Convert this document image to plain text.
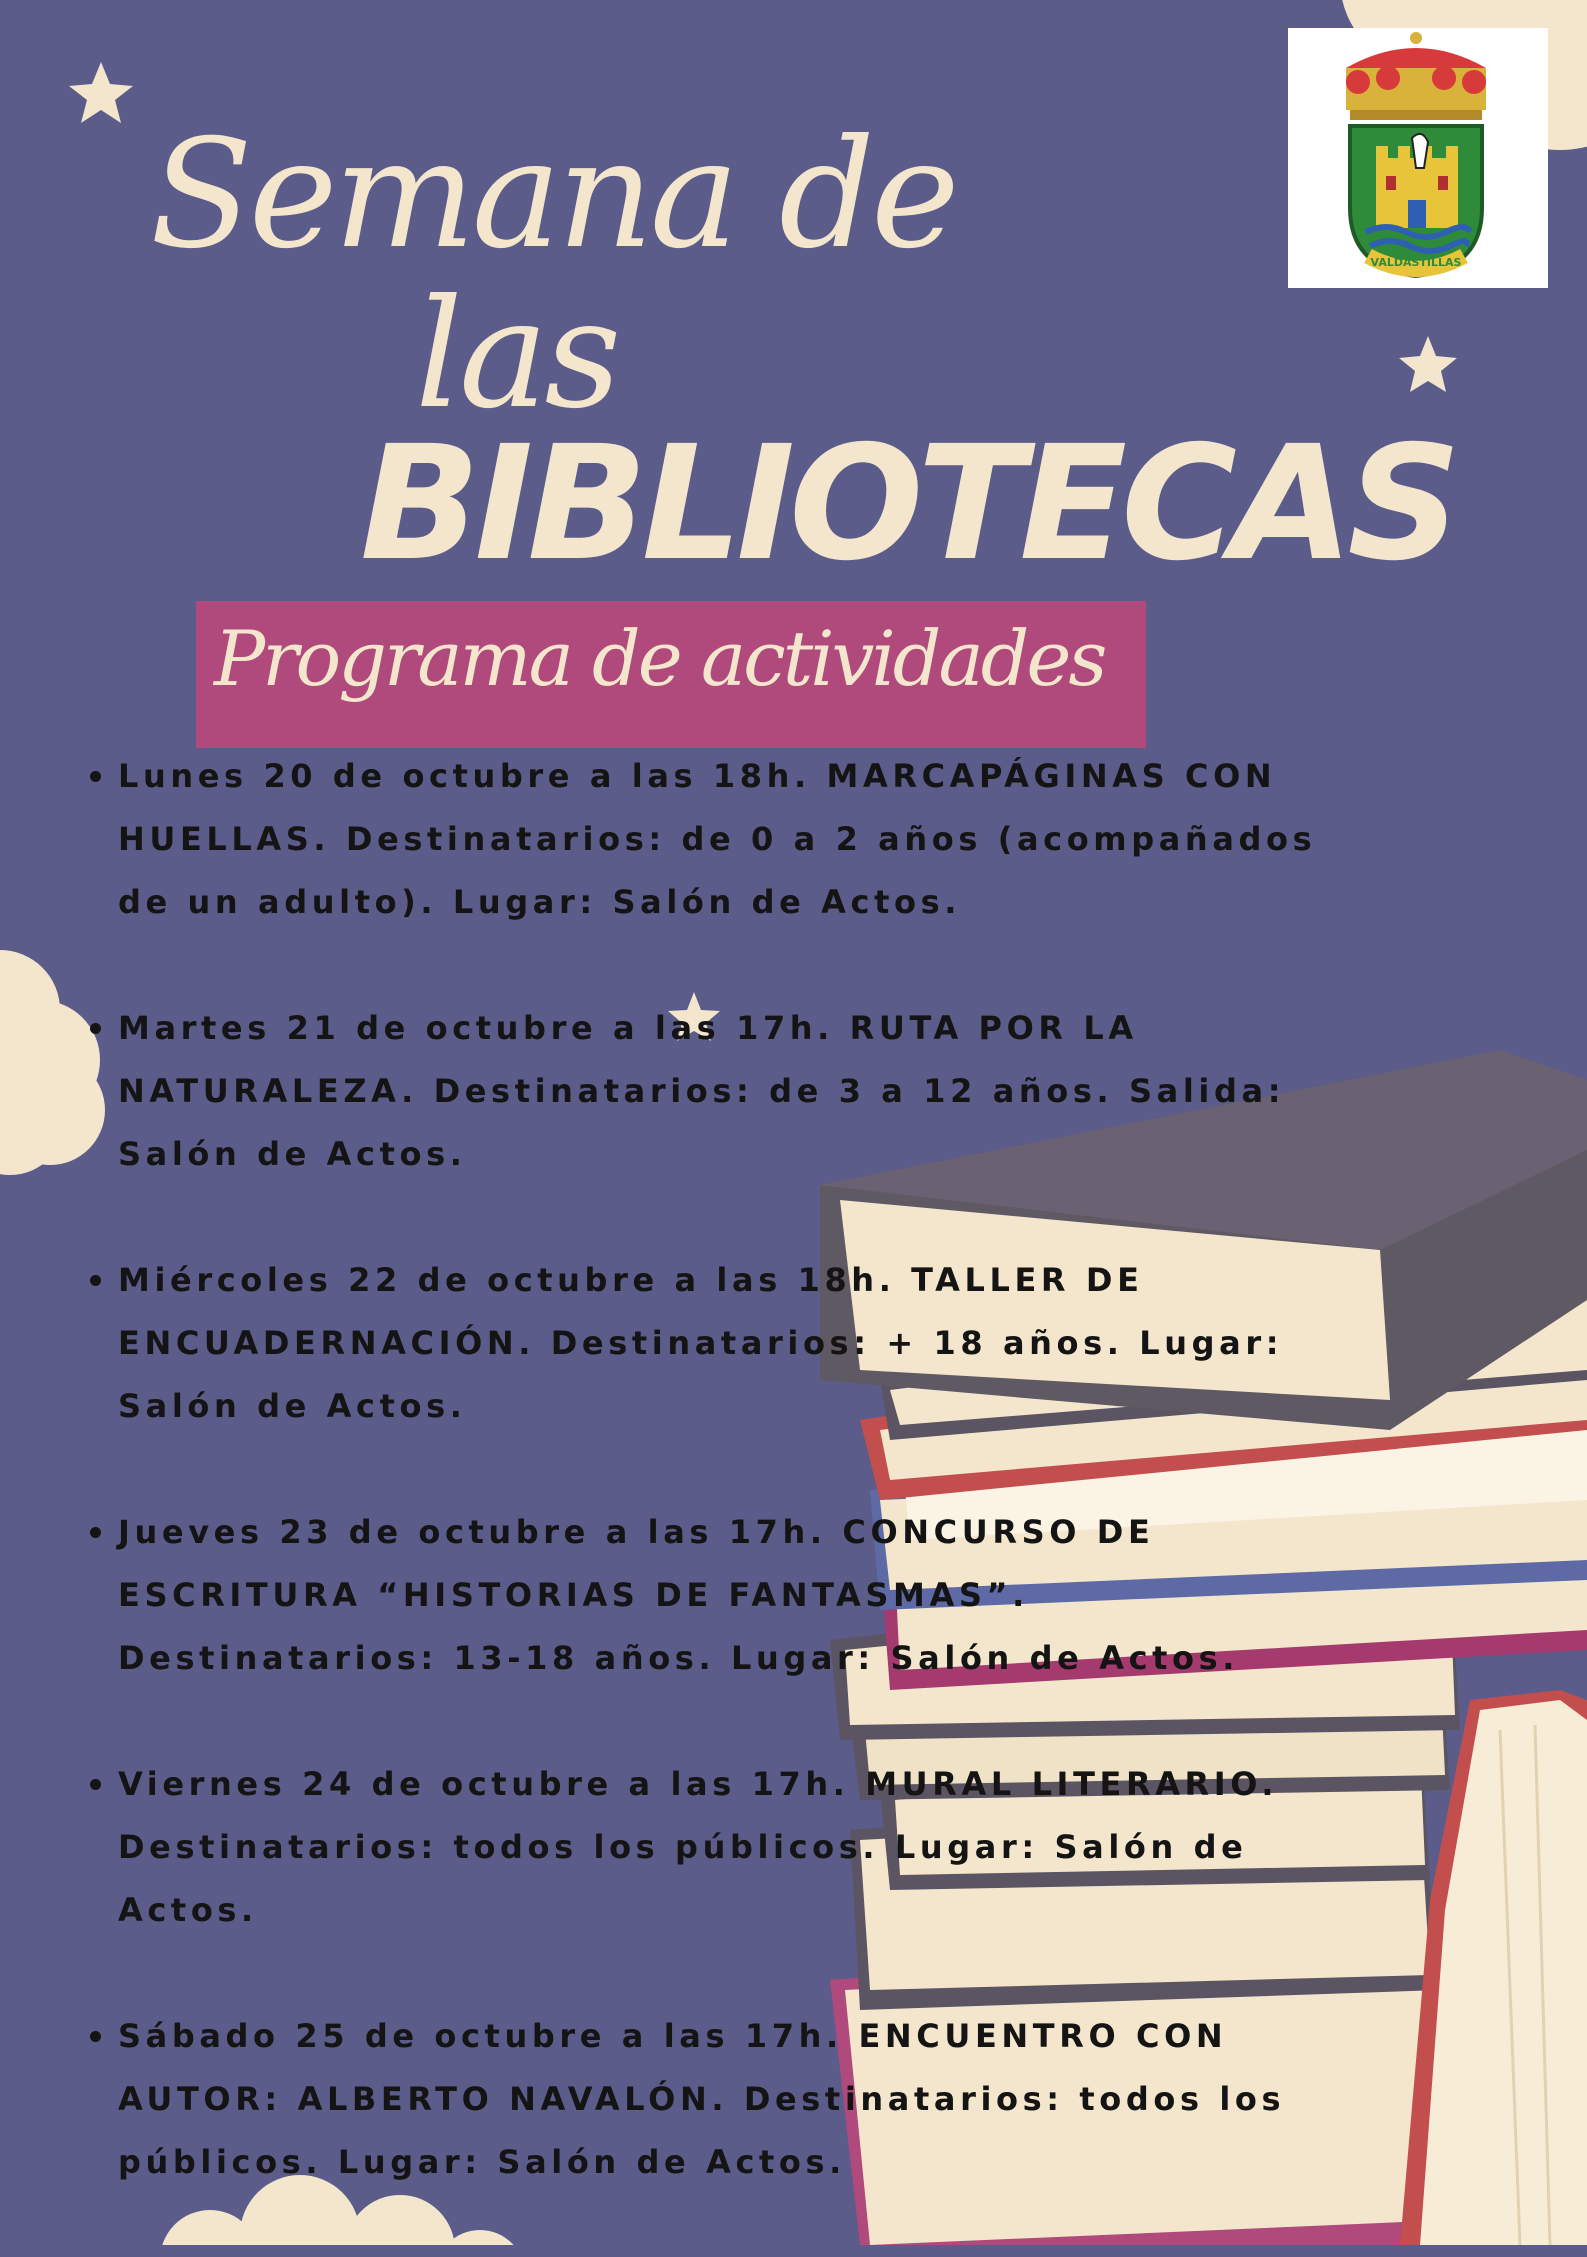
Semana de
las
BIBLIOTECAS
Programa de actividades
VALDASTILLAS
Lunes 20 de octubre a las 18h. MARCAPÁGINAS CON HUELLAS. Destinatarios: de 0 a 2 años (acompañados de un adulto). Lugar: Salón de Actos.
Martes 21 de octubre a las 17h. RUTA POR LA NATURALEZA. Destinatarios: de 3 a 12 años. Salida: Salón de Actos.
Miércoles 22 de octubre a las 18h. TALLER DE ENCUADERNACIÓN. Destinatarios: + 18 años. Lugar: Salón de Actos.
Jueves 23 de octubre a las 17h. CONCURSO DE ESCRITURA “HISTORIAS DE FANTASMAS”. Destinatarios: 13-18 años. Lugar: Salón de Actos.
Viernes 24 de octubre a las 17h. MURAL LITERARIO. Destinatarios: todos los públicos. Lugar: Salón de Actos.
Sábado 25 de octubre a las 17h. ENCUENTRO CON AUTOR: ALBERTO NAVALÓN. Destinatarios: todos los públicos. Lugar: Salón de Actos.
